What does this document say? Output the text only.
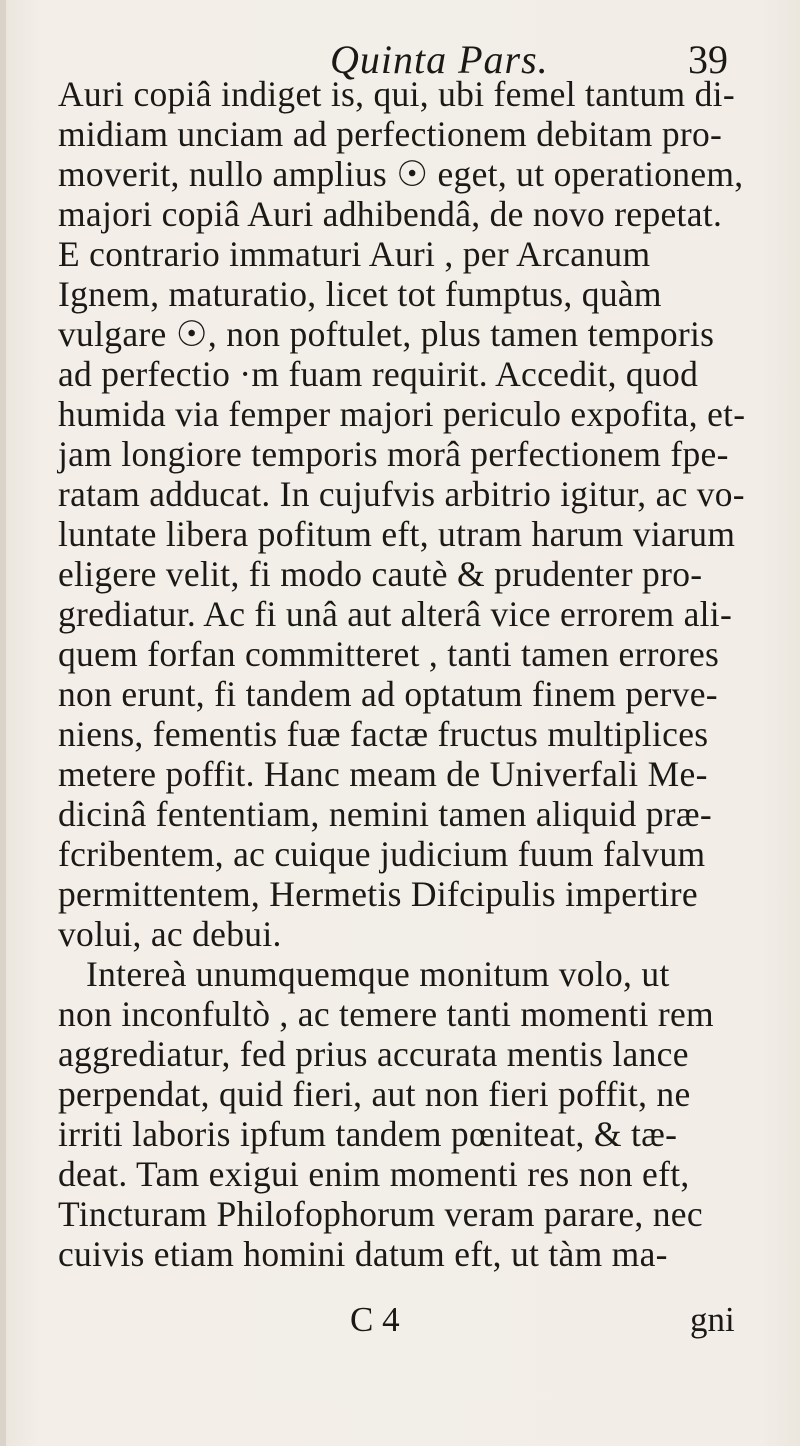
Quinta Pars.	39
Auri copiâ indiget is, qui, ubi femel tantum di-
midiam unciam ad perfectionem debitam pro-
moverit, nullo amplius ☉ eget, ut operationem,
majori copiâ Auri adhibendâ, de novo repetat.
E contrario immaturi Auri , per Arcanum
Ignem, maturatio, licet tot fumptus, quàm
vulgare ☉, non poftulet, plus tamen temporis
ad perfectio ·m fuam requirit. Accedit, quod
humida via femper majori periculo expofita, et-
jam longiore temporis morâ perfectionem fpe-
ratam adducat. In cujufvis arbitrio igitur, ac vo-
luntate libera pofitum eft, utram harum viarum
eligere velit, fi modo cautè & prudenter pro-
grediatur. Ac fi unâ aut alterâ vice errorem ali-
quem forfan committeret , tanti tamen errores
non erunt, fi tandem ad optatum finem perve-
niens, fementis fuæ factæ fructus multiplices
metere poffit. Hanc meam de Univerfali Me-
dicinâ fententiam, nemini tamen aliquid præ-
fcribentem, ac cuique judicium fuum falvum
permittentem, Hermetis Difcipulis impertire
volui, ac debui.
Intereà unumquemque monitum volo, ut
non inconfultò , ac temere tanti momenti rem
aggrediatur, fed prius accurata mentis lance
perpendat, quid fieri, aut non fieri poffit, ne
irriti laboris ipfum tandem pœniteat, & tæ-
deat. Tam exigui enim momenti res non eft,
Tincturam Philofophorum veram parare, nec
cuivis etiam homini datum eft, ut tàm ma-
C 4	gni
